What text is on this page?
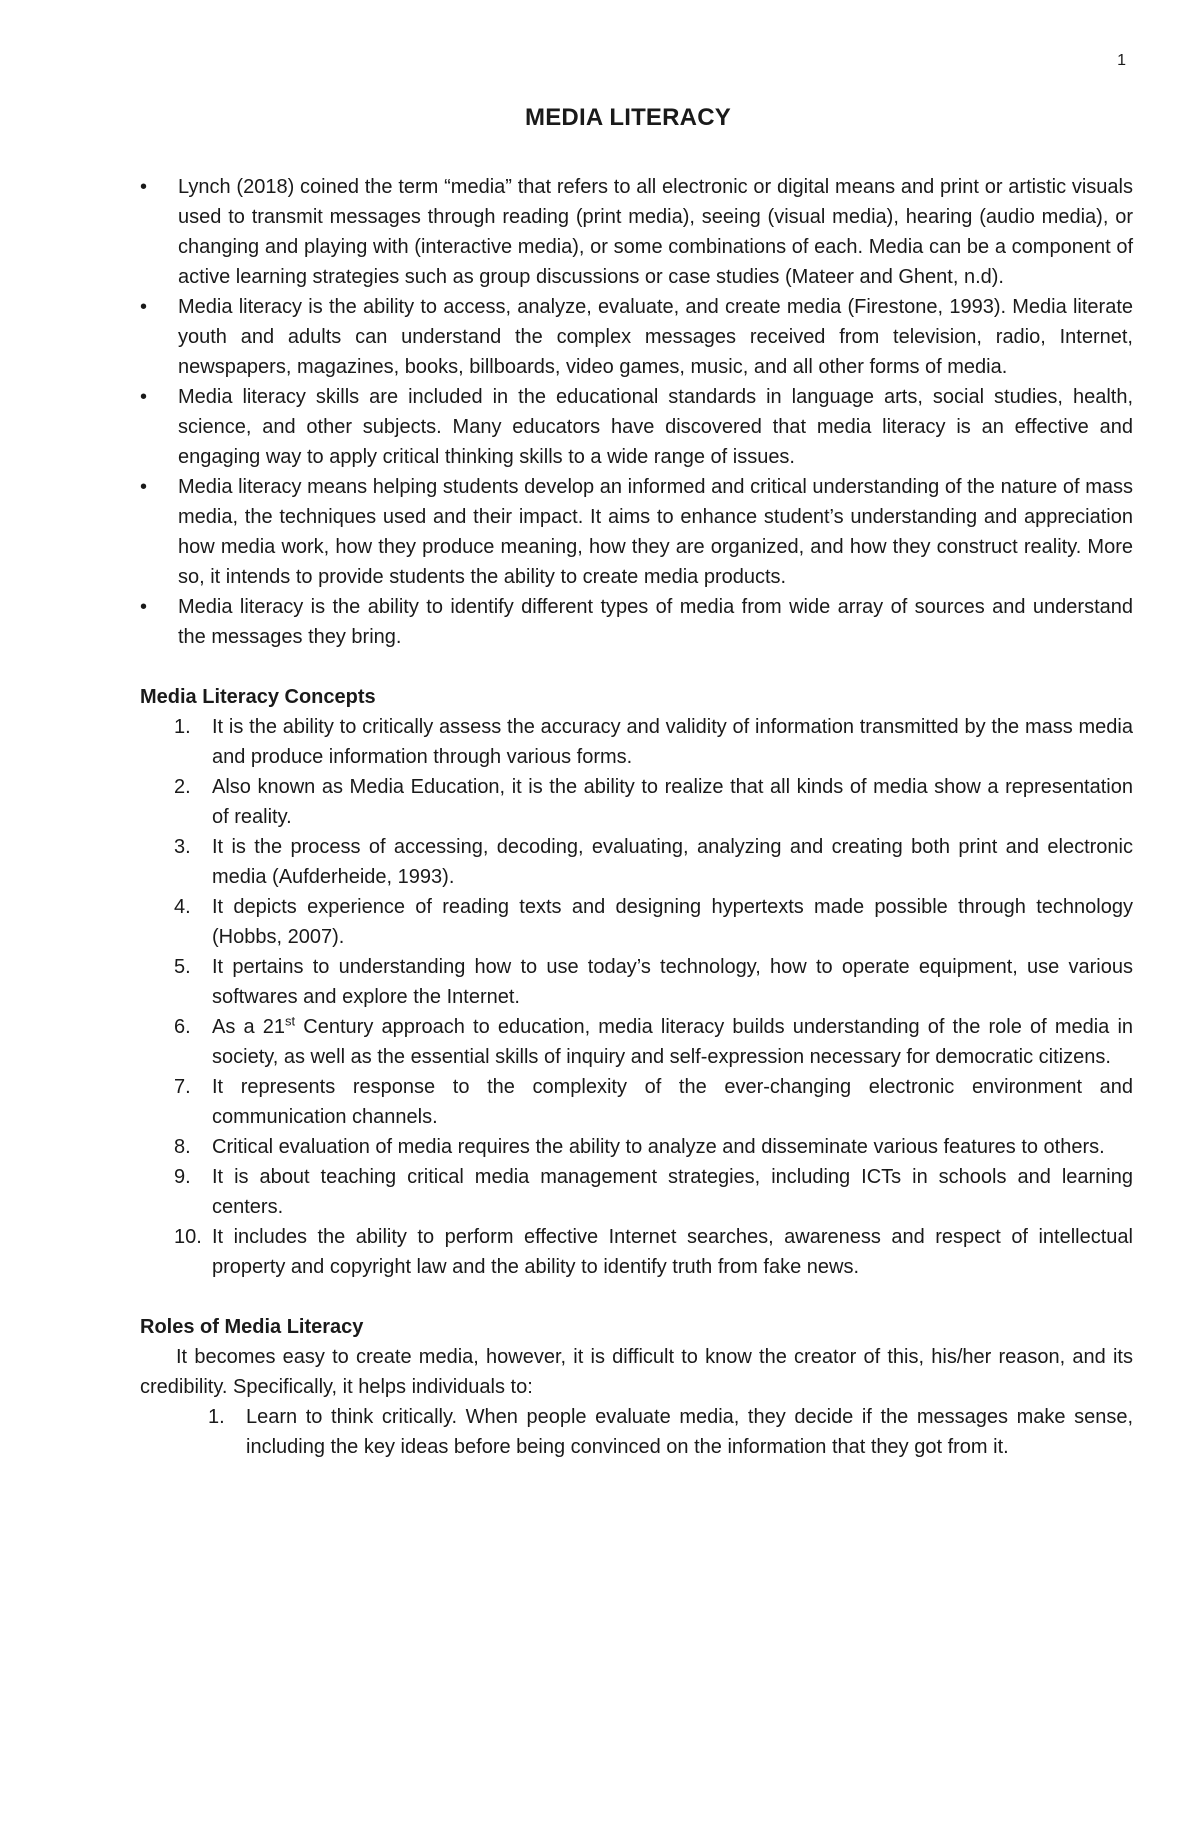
1
MEDIA LITERACY
• Lynch (2018) coined the term “media” that refers to all electronic or digital means and print or artistic visuals used to transmit messages through reading (print media), seeing (visual media), hearing (audio media), or changing and playing with (interactive media), or some combinations of each. Media can be a component of active learning strategies such as group discussions or case studies (Mateer and Ghent, n.d).
• Media literacy is the ability to access, analyze, evaluate, and create media (Firestone, 1993). Media literate youth and adults can understand the complex messages received from television, radio, Internet, newspapers, magazines, books, billboards, video games, music, and all other forms of media.
• Media literacy skills are included in the educational standards in language arts, social studies, health, science, and other subjects. Many educators have discovered that media literacy is an effective and engaging way to apply critical thinking skills to a wide range of issues.
• Media literacy means helping students develop an informed and critical understanding of the nature of mass media, the techniques used and their impact. It aims to enhance student’s understanding and appreciation how media work, how they produce meaning, how they are organized, and how they construct reality. More so, it intends to provide students the ability to create media products.
• Media literacy is the ability to identify different types of media from wide array of sources and understand the messages they bring.
Media Literacy Concepts
1.	It is the ability to critically assess the accuracy and validity of information transmitted by the mass media and produce information through various forms.
2.	Also known as Media Education, it is the ability to realize that all kinds of media show a representation of reality.
3.	It is the process of accessing, decoding, evaluating, analyzing and creating both print and electronic media (Aufderheide, 1993).
4.	It depicts experience of reading texts and designing hypertexts made possible through technology (Hobbs, 2007).
5.	It pertains to understanding how to use today’s technology, how to operate equipment, use various softwares and explore the Internet.
6.	As a 21st Century approach to education, media literacy builds understanding of the role of media in society, as well as the essential skills of inquiry and self-expression necessary for democratic citizens.
7.	It represents response to the complexity of the ever-changing electronic environment and communication channels.
8.	Critical evaluation of media requires the ability to analyze and disseminate various features to others.
9.	It is about teaching critical media management strategies, including ICTs in schools and learning centers.
10. It includes the ability to perform effective Internet searches, awareness and respect of intellectual property and copyright law and the ability to identify truth from fake news.
Roles of Media Literacy

It becomes easy to create media, however, it is difficult to know the creator of this, his/her reason, and its credibility. Specifically, it helps individuals to:

1.	Learn to think critically. When people evaluate media, they decide if the messages make sense, including the key ideas before being convinced on the information that they got from it.
